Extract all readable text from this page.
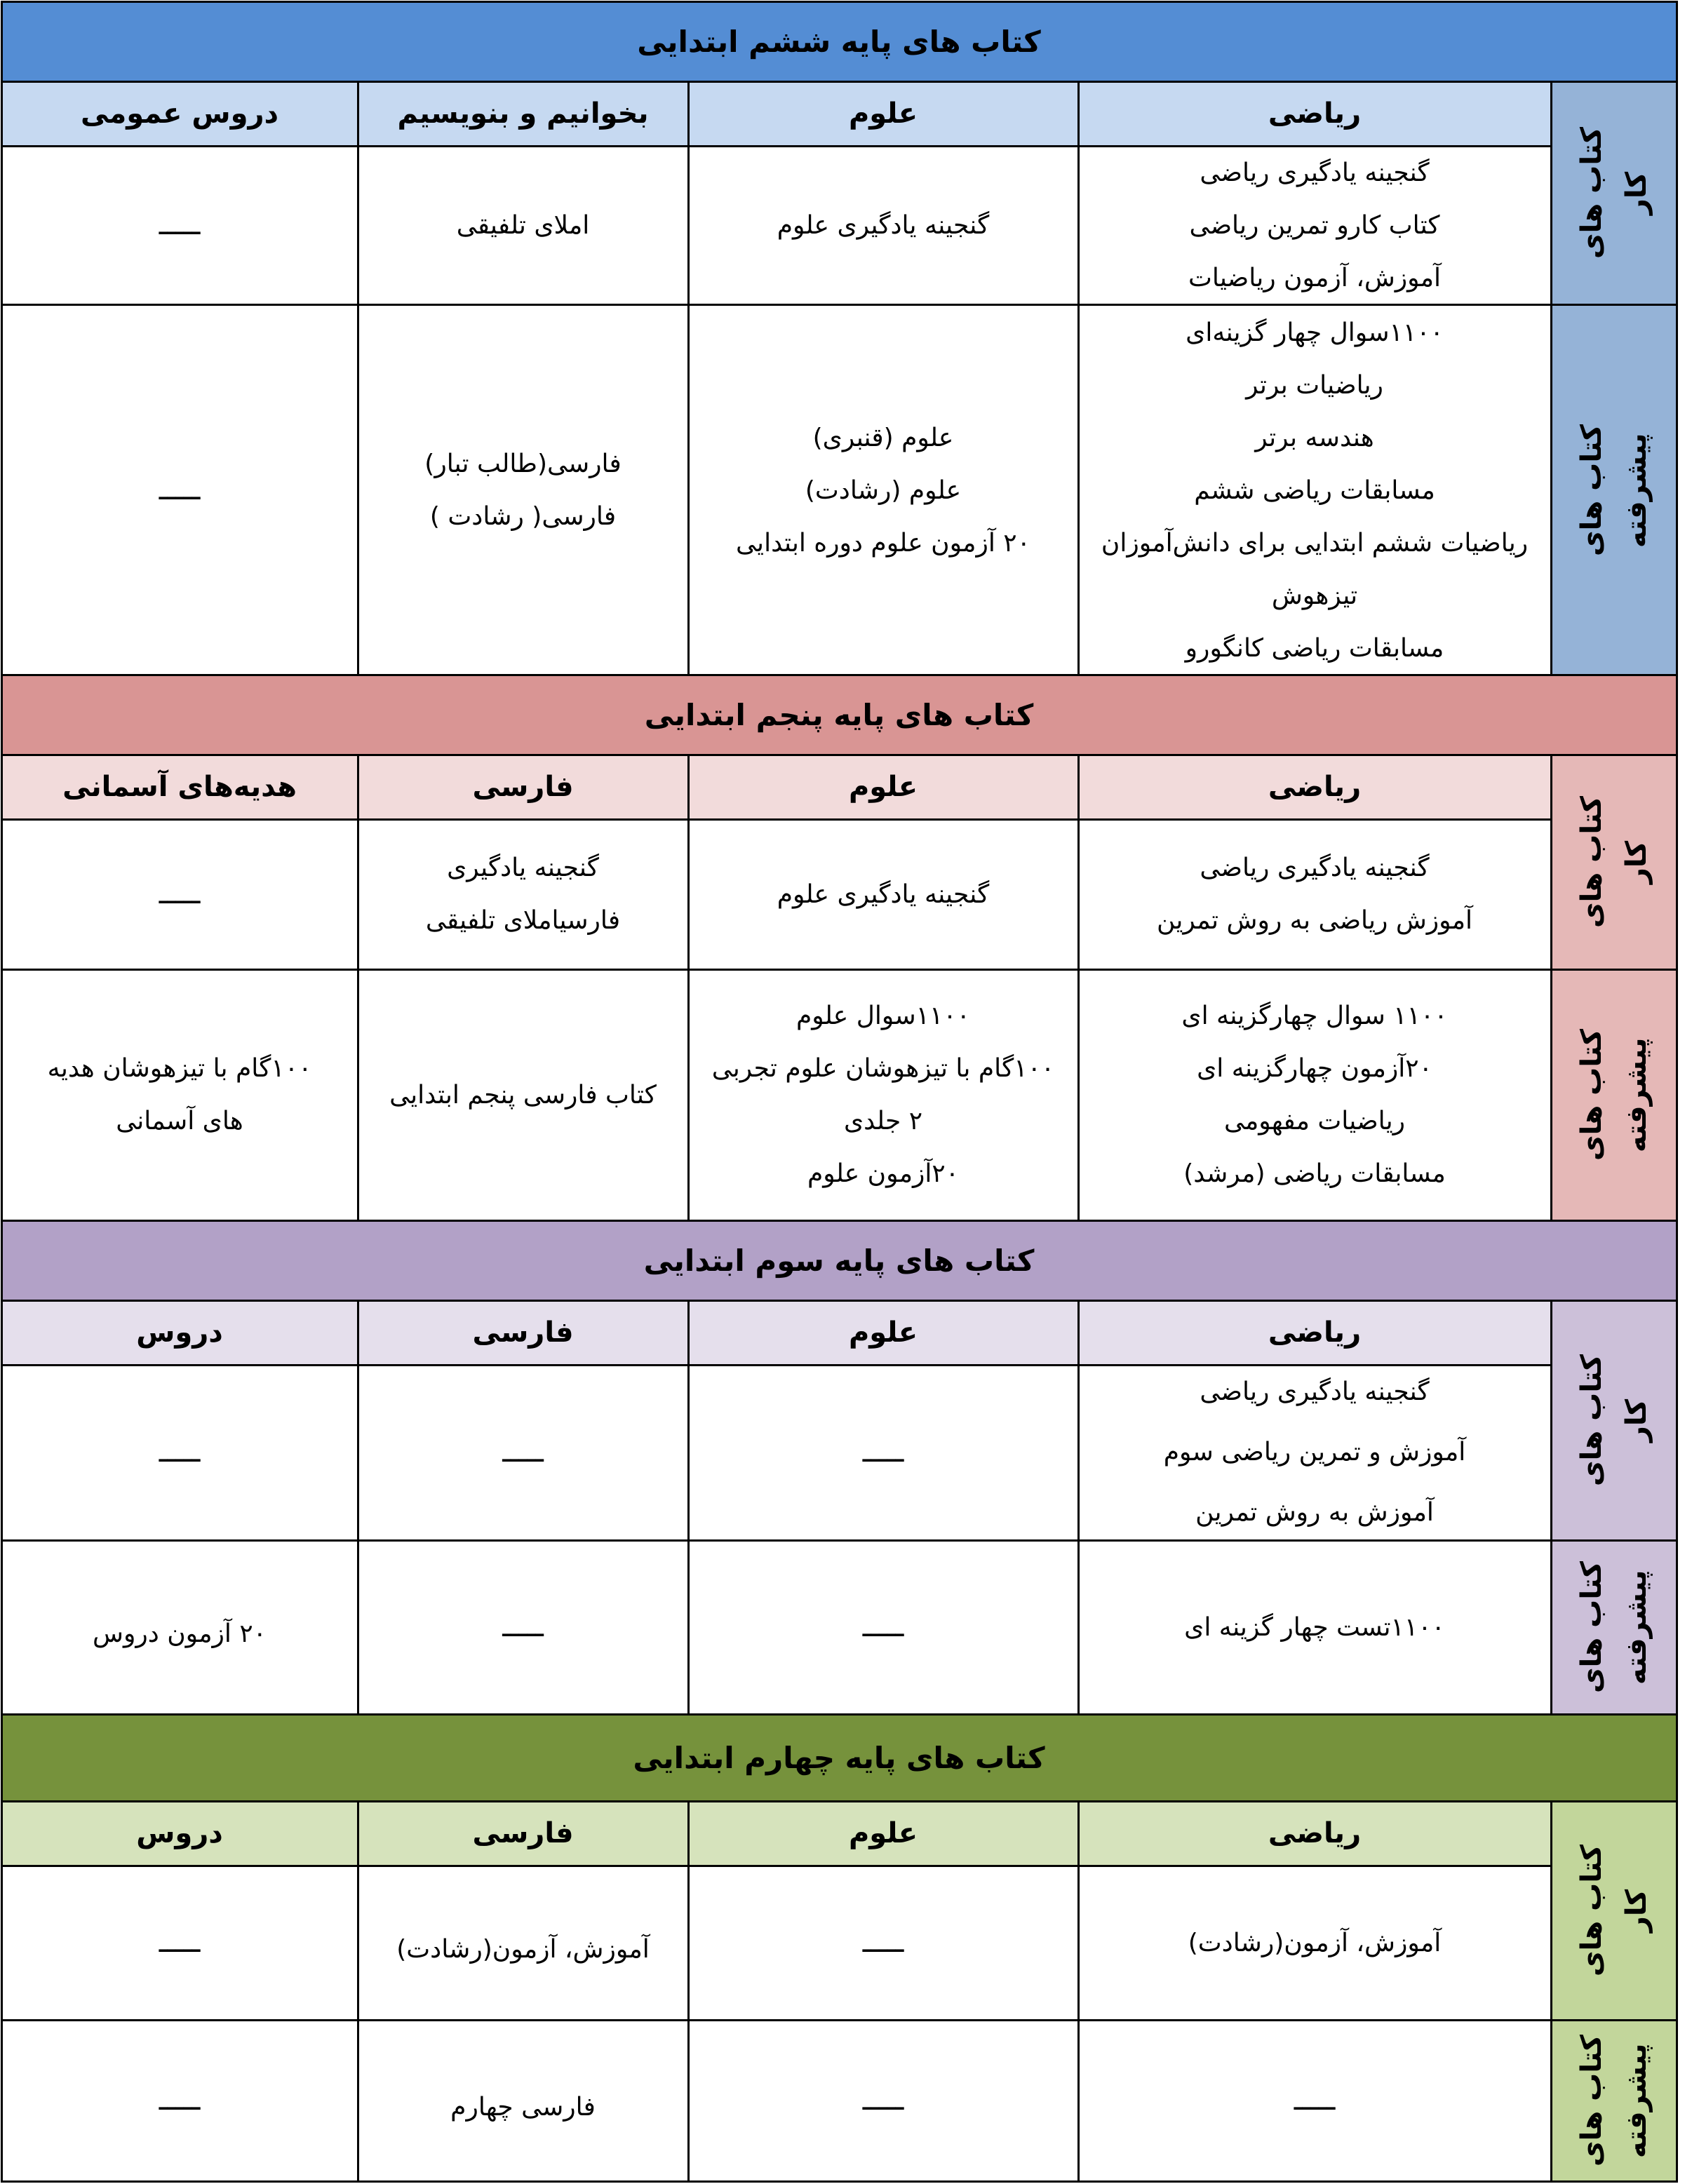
کتاب های پایه ششم ابتدایی
ریاضی
علوم
بخوانیم و بنویسیم
دروس عمومی
کتاب های
کار
کتاب های
پیشرفته
گنجینه یادگیری ریاضی
کتاب کارو تمرین ریاضی
آموزش، آزمون ریاضیات
گنجینه یادگیری علوم
املای تلفیقی
ـــــ
۱۱۰۰سوال چهار گزینه‌ای
ریاضیات برتر
هندسه برتر
مسابقات ریاضی ششم
ریاضیات ششم ابتدایی برای دانش‌آموزان
تیزهوش
مسابقات ریاضی کانگورو
علوم (قنبری)
علوم (رشادت)
۲۰ آزمون علوم دوره ابتدایی
فارسی(طالب تبار)
فارسی( رشادت )
ـــــ
کتاب های پایه پنجم ابتدایی
ریاضی
علوم
فارسی
هدیه‌های آسمانی
کتاب های
کار
کتاب های
پیشرفته
گنجینه یادگیری ریاضی
آموزش ریاضی به روش تمرین
گنجینه یادگیری علوم
گنجینه یادگیری
فارسیاملای تلفیقی
ـــــ
۱۱۰۰ سوال چهارگزینه ای
۲۰آزمون چهارگزینه ای
ریاضیات مفهومی
مسابقات ریاضی (مرشد)
۱۱۰۰سوال علوم
۱۰۰گام با تیزهوشان علوم تجربی
۲ جلدی
۲۰آزمون علوم
کتاب فارسی پنجم ابتدایی
۱۰۰گام با تیزهوشان هدیه
های آسمانی
کتاب های پایه سوم ابتدایی
ریاضی
علوم
فارسی
دروس
کتاب های
کار
کتاب های
پیشرفته
گنجینه یادگیری ریاضی
آموزش و تمرین ریاضی سوم
آموزش به روش تمرین
ـــــ
ـــــ
ـــــ
۱۱۰۰تست چهار گزینه ای
ـــــ
ـــــ
۲۰ آزمون دروس
کتاب های پایه چهارم ابتدایی
ریاضی
علوم
فارسی
دروس
کتاب های
کار
کتاب های
پیشرفته
آموزش، آزمون(رشادت)
ـــــ
آموزش، آزمون(رشادت)
ـــــ
ـــــ
ـــــ
فارسی چهارم
ـــــ
